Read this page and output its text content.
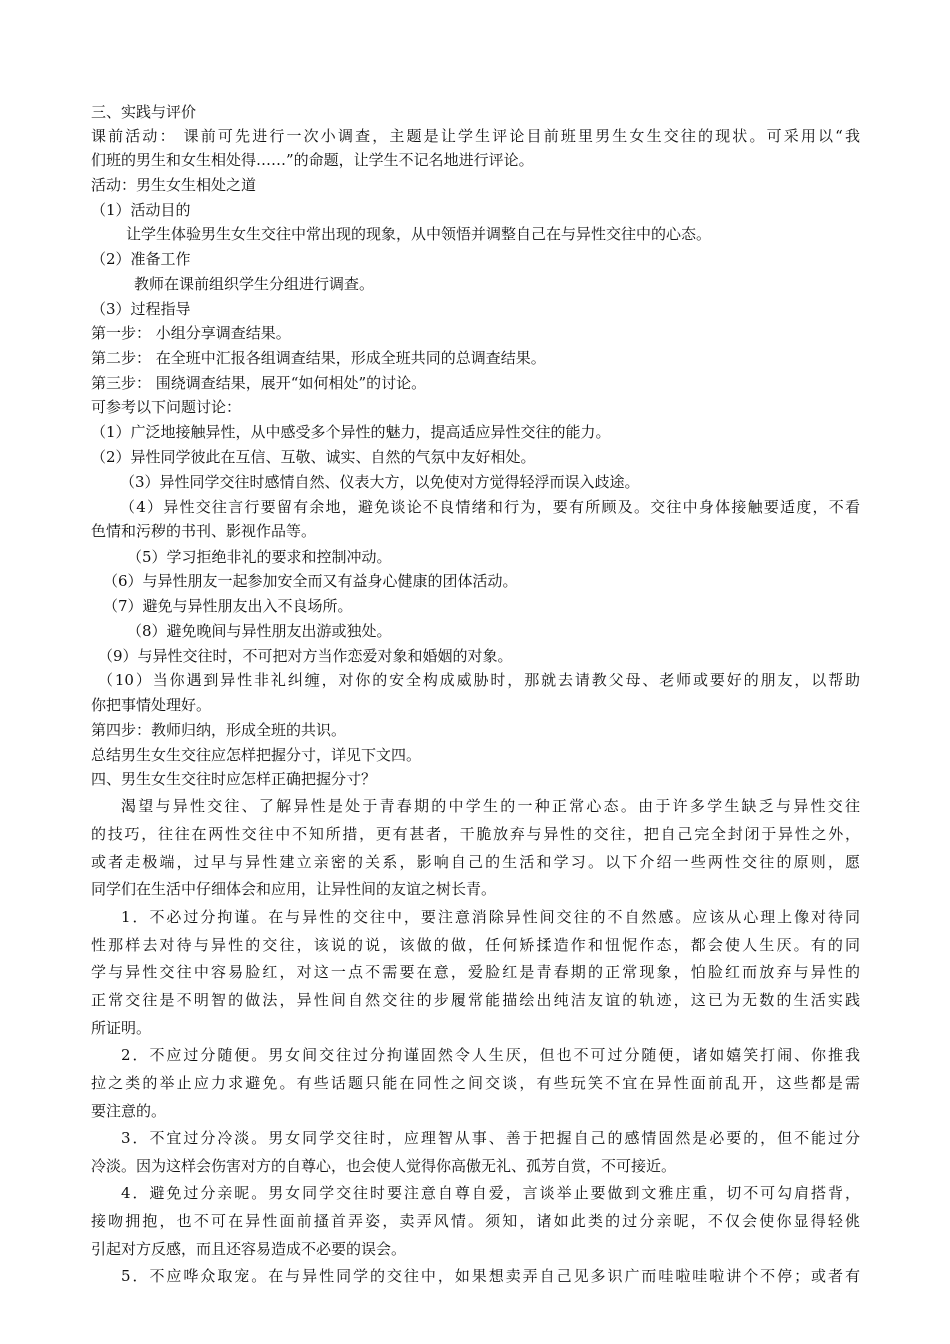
三、实践与评价
课前活动： 课前可先进行一次小调查，主题是让学生评论目前班里男生女生交往的现状。可采用以“我
们班的男生和女生相处得……”的命题，让学生不记名地进行评论。
活动：男生女生相处之道
（1）活动目的
让学生体验男生女生交往中常出现的现象，从中领悟并调整自己在与异性交往中的心态。
（2）准备工作
教师在课前组织学生分组进行调查。
（3）过程指导
第一步： 小组分享调查结果。
第二步： 在全班中汇报各组调查结果，形成全班共同的总调查结果。
第三步： 围绕调查结果，展开“如何相处”的讨论。
可参考以下问题讨论：
（1）广泛地接触异性，从中感受多个异性的魅力，提高适应异性交往的能力。
（2）异性同学彼此在互信、互敬、诚实、自然的气氛中友好相处。
（3）异性同学交往时感情自然、仪表大方，以免使对方觉得轻浮而误入歧途。
（4）异性交往言行要留有余地，避免谈论不良情绪和行为，要有所顾及。交往中身体接触要适度，不看
色情和污秽的书刊、影视作品等。
（5）学习拒绝非礼的要求和控制冲动。
（6）与异性朋友一起参加安全而又有益身心健康的团体活动。
（7）避免与异性朋友出入不良场所。
（8）避免晚间与异性朋友出游或独处。
（9）与异性交往时，不可把对方当作恋爱对象和婚姻的对象。
（10）当你遇到异性非礼纠缠，对你的安全构成威胁时，那就去请教父母、老师或要好的朋友，以帮助
你把事情处理好。
第四步：教师归纳，形成全班的共识。
总结男生女生交往应怎样把握分寸，详见下文四。
四、男生女生交往时应怎样正确把握分寸？
渴望与异性交往、了解异性是处于青春期的中学生的一种正常心态。由于许多学生缺乏与异性交往
的技巧，往往在两性交往中不知所措，更有甚者，干脆放弃与异性的交往，把自己完全封闭于异性之外，
或者走极端，过早与异性建立亲密的关系，影响自己的生活和学习。以下介绍一些两性交往的原则，愿
同学们在生活中仔细体会和应用，让异性间的友谊之树长青。
1．不必过分拘谨。在与异性的交往中，要注意消除异性间交往的不自然感。应该从心理上像对待同
性那样去对待与异性的交往，该说的说，该做的做，任何矫揉造作和忸怩作态，都会使人生厌。有的同
学与异性交往中容易脸红，对这一点不需要在意，爱脸红是青春期的正常现象，怕脸红而放弃与异性的
正常交往是不明智的做法，异性间自然交往的步履常能描绘出纯洁友谊的轨迹，这已为无数的生活实践
所证明。
2．不应过分随便。男女间交往过分拘谨固然令人生厌，但也不可过分随便，诸如嬉笑打闹、你推我
拉之类的举止应力求避免。有些话题只能在同性之间交谈，有些玩笑不宜在异性面前乱开，这些都是需
要注意的。
3．不宜过分冷淡。男女同学交往时，应理智从事、善于把握自己的感情固然是必要的，但不能过分
冷淡。因为这样会伤害对方的自尊心，也会使人觉得你高傲无礼、孤芳自赏，不可接近。
4．避免过分亲昵。男女同学交往时要注意自尊自爱，言谈举止要做到文雅庄重，切不可勾肩搭背，
接吻拥抱，也不可在异性面前搔首弄姿，卖弄风情。须知，诸如此类的过分亲昵，不仅会使你显得轻佻
引起对方反感，而且还容易造成不必要的误会。
5．不应哗众取宠。在与异性同学的交往中，如果想卖弄自己见多识广而哇啦哇啦讲个不停；或者有
